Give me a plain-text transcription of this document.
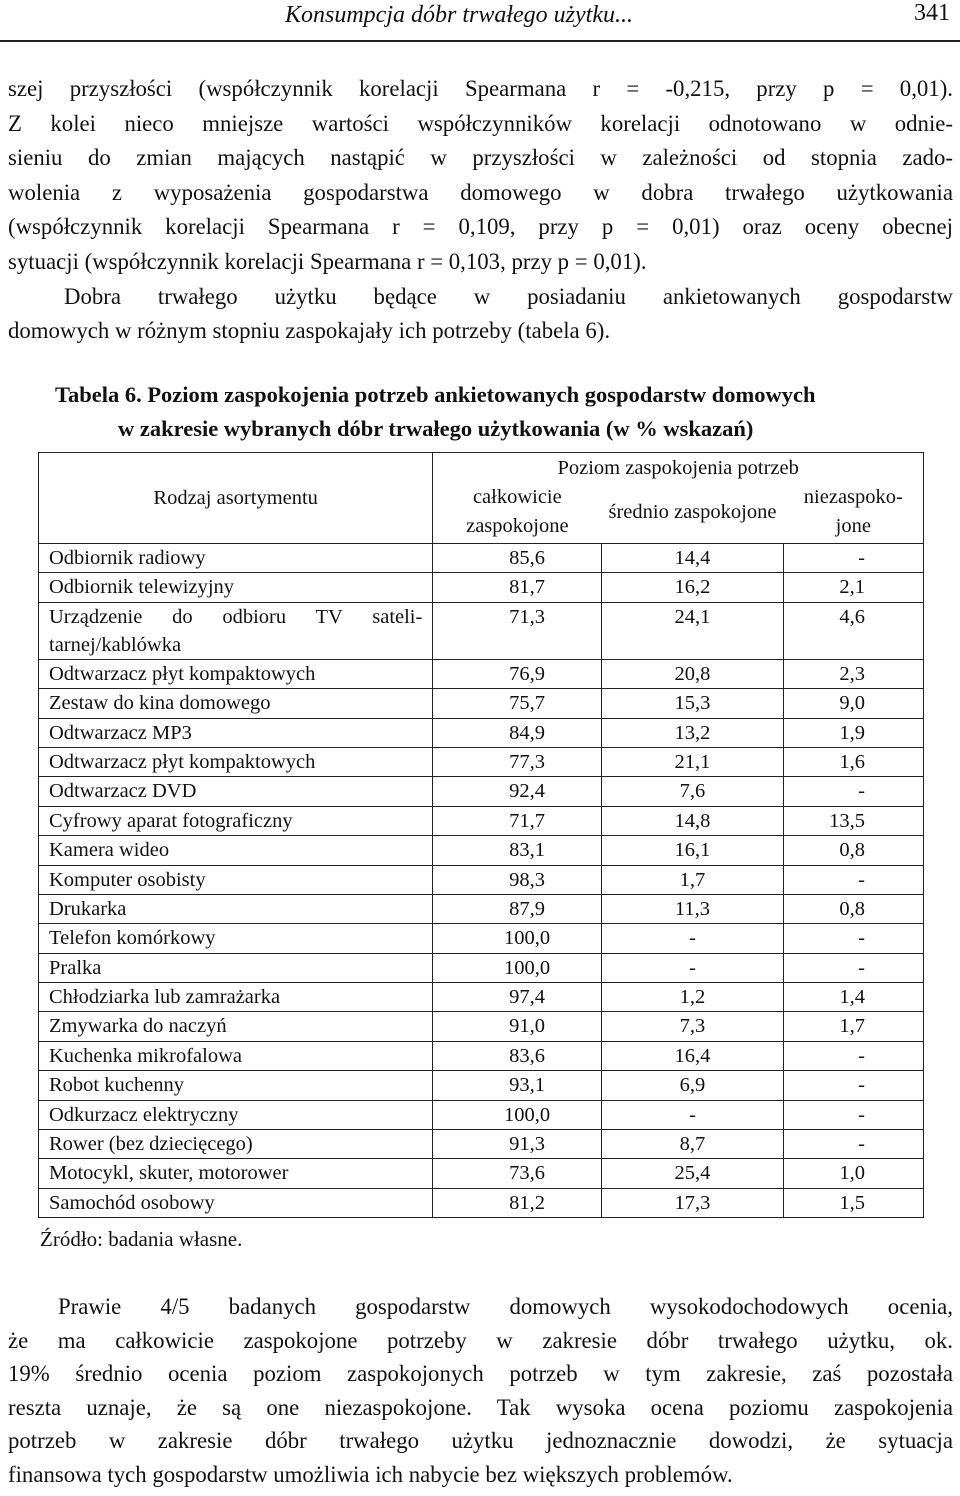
Konsumpcja dóbr trwałego użytku...	341
szej przyszłości (współczynnik korelacji Spearmana r = -0,215, przy p = 0,01).
Z kolei nieco mniejsze wartości współczynników korelacji odnotowano w odnie-
sieniu do zmian mających nastąpić w przyszłości w zależności od stopnia zado-
wolenia z wyposażenia gospodarstwa domowego w dobra trwałego użytkowania
(współczynnik korelacji Spearmana r = 0,109, przy p = 0,01) oraz oceny obecnej
sytuacji (współczynnik korelacji Spearmana r = 0,103, przy p = 0,01).
Dobra trwałego użytku będące w posiadaniu ankietowanych gospodarstw
domowych w różnym stopniu zaspokajały ich potrzeby (tabela 6).
Tabela 6. Poziom zaspokojenia potrzeb ankietowanych gospodarstw domowych
w zakresie wybranych dóbr trwałego użytkowania (w % wskazań)
Rodzaj asortymentu	Poziom zaspokojenia potrzeb		
	całkowicie zaspokojone	średnio zaspokojone	niezaspoko-
jone
Odbiornik radiowy	85,6	14,4	-
Odbiornik telewizyjny	81,7	16,2	2,1

Urządzenie do odbioru TV sateli-
tarnej/kablówka	71,3	24,1	4,6
Odtwarzacz płyt kompaktowych	76,9	20,8	2,3
Zestaw do kina domowego	75,7	15,3	9,0
Odtwarzacz MP3	84,9	13,2	1,9
Odtwarzacz płyt kompaktowych	77,3	21,1	1,6
Odtwarzacz DVD	92,4	7,6	-
Cyfrowy aparat fotograficzny	71,7	14,8	13,5
Kamera wideo	83,1	16,1	0,8
Komputer osobisty	98,3	1,7	-
Drukarka	87,9	11,3	0,8
Telefon komórkowy	100,0	-	-
Pralka	100,0	-	-
Chłodziarka lub zamrażarka	97,4	1,2	1,4
Zmywarka do naczyń	91,0	7,3	1,7
Kuchenka mikrofalowa	83,6	16,4	-
Robot kuchenny	93,1	6,9	-
Odkurzacz elektryczny	100,0	-	-
Rower (bez dziecięcego)	91,3	8,7	-
Motocykl, skuter, motorower	73,6	25,4	1,0
Samochód osobowy	81,2	17,3	1,5
Źródło: badania własne.
Prawie 4/5 badanych gospodarstw domowych wysokodochodowych ocenia,
że ma całkowicie zaspokojone potrzeby w zakresie dóbr trwałego użytku, ok.
19% średnio ocenia poziom zaspokojonych potrzeb w tym zakresie, zaś pozostała
reszta uznaje, że są one niezaspokojone. Tak wysoka ocena poziomu zaspokojenia
potrzeb w zakresie dóbr trwałego użytku jednoznacznie dowodzi, że sytuacja
finansowa tych gospodarstw umożliwia ich nabycie bez większych problemów.
